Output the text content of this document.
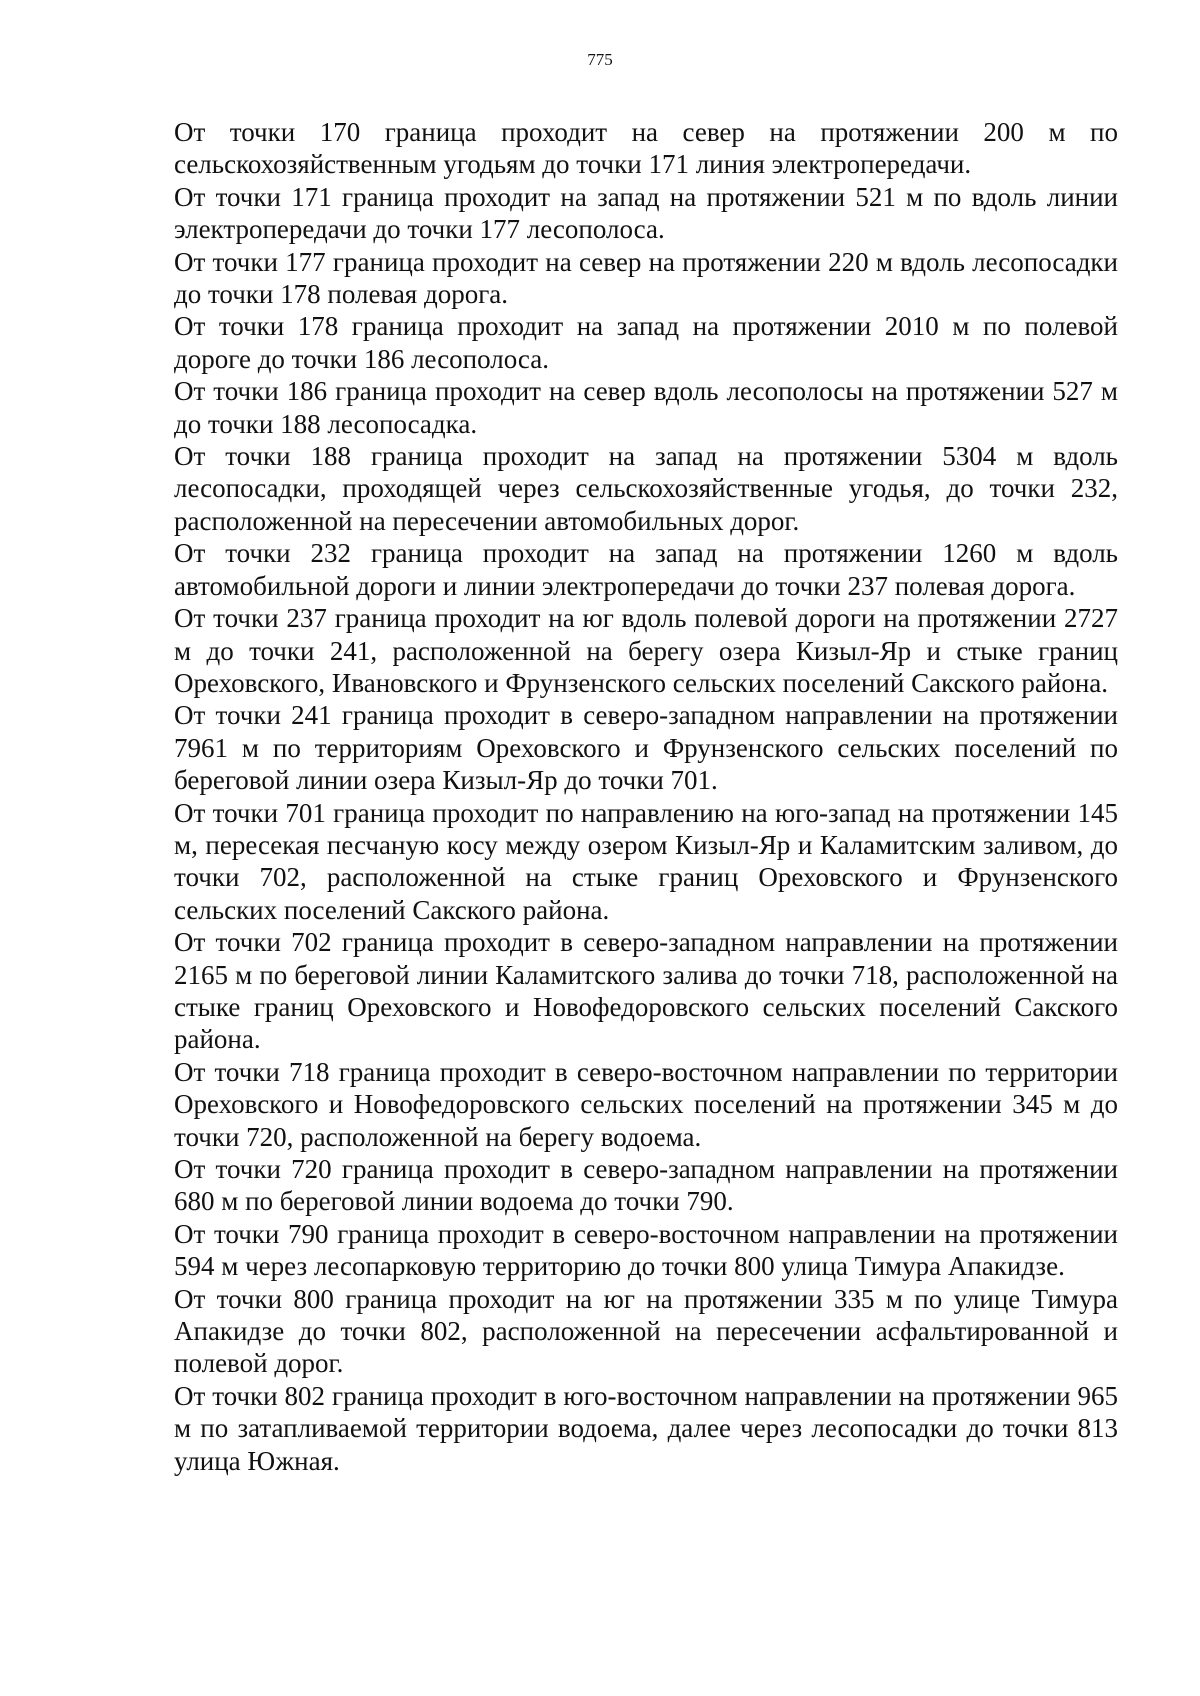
775

От точки 170 граница проходит на север на протяжении 200 м по сельскохозяйственным угодьям до точки 171 линия электропередачи.

От точки 171 граница проходит на запад на протяжении 521 м по вдоль линии электропередачи до точки 177 лесополоса.

От точки 177 граница проходит на север на протяжении 220 м вдоль лесопосадки до точки 178 полевая дорога.

От точки 178 граница проходит на запад на протяжении 2010 м по полевой дороге до точки 186 лесополоса.

От точки 186 граница проходит на север вдоль лесополосы на протяжении 527 м до точки 188 лесопосадка.

От точки 188 граница проходит на запад на протяжении 5304 м вдоль лесопосадки, проходящей через сельскохозяйственные угодья, до точки 232, расположенной на пересечении автомобильных дорог.

От точки 232 граница проходит на запад на протяжении 1260 м вдоль автомобильной дороги и линии электропередачи до точки 237 полевая дорога.

От точки 237 граница проходит на юг вдоль полевой дороги на протяжении 2727 м до точки 241, расположенной на берегу озера Кизыл-Яр и стыке границ Ореховского, Ивановского и Фрунзенского сельских поселений Сакского района.

От точки 241 граница проходит в северо-западном направлении на протяжении 7961 м по территориям Ореховского и Фрунзенского сельских поселений по береговой линии озера Кизыл-Яр до точки 701.

От точки 701 граница проходит по направлению на юго-запад на протяжении 145 м, пересекая песчаную косу между озером Кизыл-Яр и Каламитским заливом, до точки 702, расположенной на стыке границ Ореховского и Фрунзенского сельских поселений Сакского района.

От точки 702 граница проходит в северо-западном направлении на протяжении 2165 м по береговой линии Каламитского залива до точки 718, расположенной на стыке границ Ореховского и Новофедоровского сельских поселений Сакского района.

От точки 718 граница проходит в северо-восточном направлении по территории Ореховского и Новофедоровского сельских поселений на протяжении 345 м до точки 720, расположенной на берегу водоема.

От точки 720 граница проходит в северо-западном направлении на протяжении 680 м по береговой линии водоема до точки 790.

От точки 790 граница проходит в северо-восточном направлении на протяжении 594 м через лесопарковую территорию до точки 800 улица Тимура Апакидзе.

От точки 800 граница проходит на юг на протяжении 335 м по улице Тимура Апакидзе до точки 802, расположенной на пересечении асфальтированной и полевой дорог.

От точки 802 граница проходит в юго-восточном направлении на протяжении 965 м по затапливаемой территории водоема, далее через лесопосадки до точки 813 улица Южная.
